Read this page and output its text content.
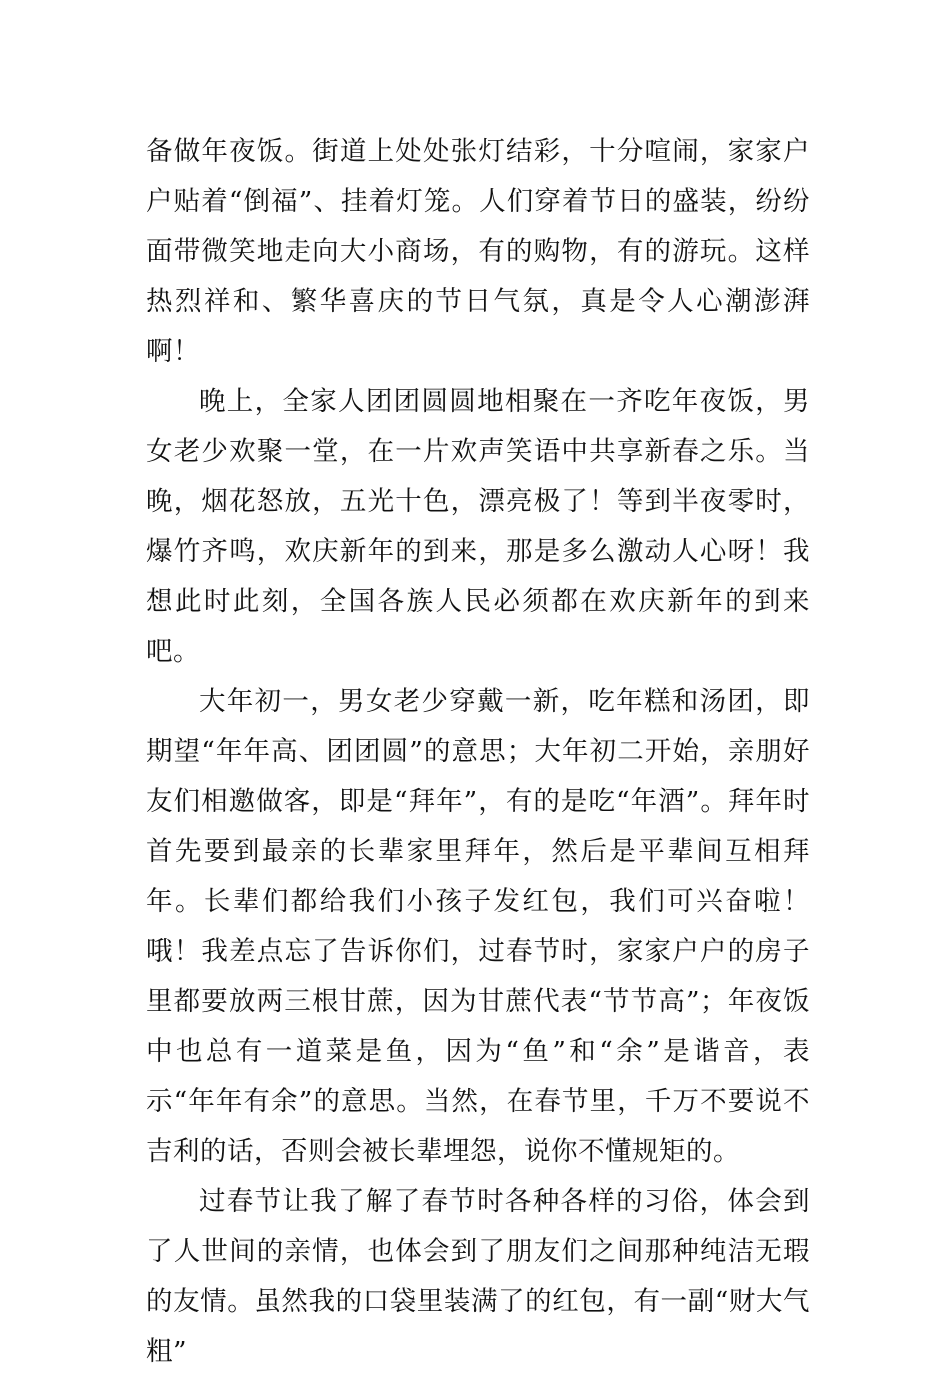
备做年夜饭。街道上处处张灯结彩，十分喧闹，家家户户贴着“倒福”、挂着灯笼。人们穿着节日的盛装，纷纷面带微笑地走向大小商场，有的购物，有的游玩。这样热烈祥和、繁华喜庆的节日气氛，真是令人心潮澎湃啊！

晚上，全家人团团圆圆地相聚在一齐吃年夜饭，男女老少欢聚一堂，在一片欢声笑语中共享新春之乐。当晚，烟花怒放，五光十色，漂亮极了！等到半夜零时，爆竹齐鸣，欢庆新年的到来，那是多么激动人心呀！我想此时此刻，全国各族人民必须都在欢庆新年的到来吧。

大年初一，男女老少穿戴一新，吃年糕和汤团，即期望“年年高、团团圆”的意思；大年初二开始，亲朋好友们相邀做客，即是“拜年”，有的是吃“年酒”。拜年时首先要到最亲的长辈家里拜年，然后是平辈间互相拜年。长辈们都给我们小孩子发红包，我们可兴奋啦！哦！我差点忘了告诉你们，过春节时，家家户户的房子里都要放两三根甘蔗，因为甘蔗代表“节节高”；年夜饭中也总有一道菜是鱼，因为“鱼”和“余”是谐音，表示“年年有余”的意思。当然，在春节里，千万不要说不吉利的话，否则会被长辈埋怨，说你不懂规矩的。

过春节让我了解了春节时各种各样的习俗，体会到了人世间的亲情，也体会到了朋友们之间那种纯洁无瑕的友情。虽然我的口袋里装满了的红包，有一副“财大气粗”
